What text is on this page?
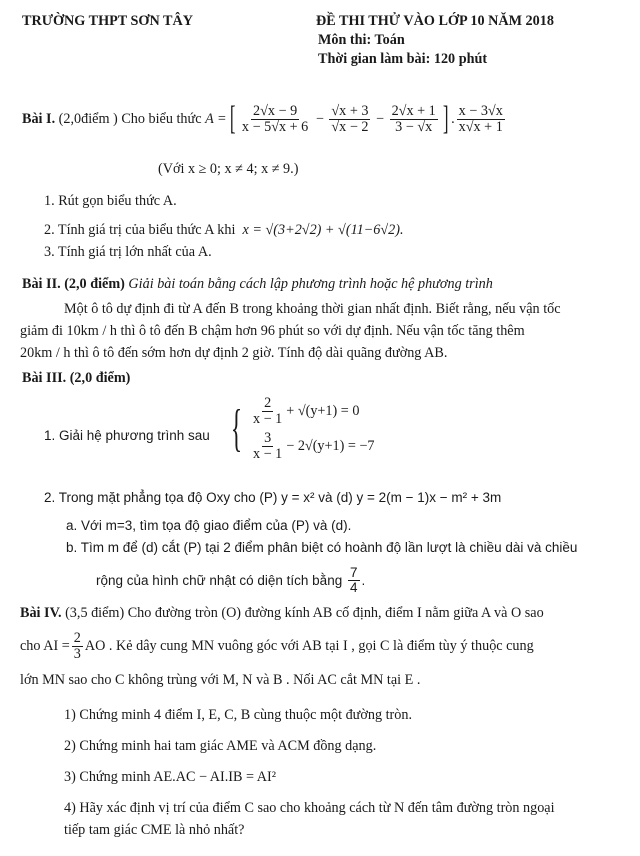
TRƯỜNG THPT SƠN TÂY	ĐỀ THI THỬ VÀO LỚP 10 NĂM 2018
Môn thi: Toán
Thời gian làm bài: 120 phút
Bài I.
(2,0điểm ) Cho biểu thức
A = [ $\frac{2√x - 9}{x - 5√x + 6} - \frac{√x + 3}{√x - 2} - \frac{2√x + 1}{3 - √x}$ ] . $\frac{x - 3√x}{x√x + 1}$
(Với x ≥ 0; x ≠ 4; x ≠ 9.)
1. Rút gọn biểu thức A.
2. Tính giá trị của biểu thức A khi x = √(3+2√2) + √(11−6√2).
3. Tính giá trị lớn nhất của A.
Bài II. (2,0 điểm) Giải bài toán bằng cách lập phương trình hoặc hệ phương trình
Một ô tô dự định đi từ A đến B trong khoảng thời gian nhất định. Biết rằng, nếu vận tốc
giảm đi 10km / h thì ô tô đến B chậm hơn 96 phút so với dự định. Nếu vận tốc tăng thêm
20km / h thì ô tô đến sớm hơn dự định 2 giờ. Tính độ dài quãng đường AB.
Bài III. (2,0 điểm)
1. Giải hệ phương trình sau { $\frac{2}{x - 1} + √(y+1) = 0$
$\frac{3}{x - 1} - 2√(y+1) = -7$
2. Trong mặt phẳng tọa độ Oxy cho (P) y = x² và (d) y = 2(m − 1)x − m² + 3m
a. Với m=3, tìm tọa độ giao điểm của (P) và (d).
b. Tìm m để (d) cắt (P) tại 2 điểm phân biệt có hoành độ lần lượt là chiều dài và chiều
rộng của hình chữ nhật có diện tích bằng
$\frac{7}{4}$ .
Bài IV. (3,5 điểm) Cho đường tròn (O) đường kính AB cố định, điểm I nằm giữa A và O sao
cho AI = $\frac{2}{3}$ AO . Kẻ dây cung MN vuông góc với AB tại I , gọi C là điểm tùy ý thuộc cung
lớn MN sao cho C không trùng với M, N và B . Nối AC cắt MN tại E .
1) Chứng minh 4 điểm I, E, C, B cùng thuộc một đường tròn.
2) Chứng minh hai tam giác AME và ACM đồng dạng.
3) Chứng minh AE.AC − AI.IB = AI²
4) Hãy xác định vị trí của điểm C sao cho khoảng cách từ N đến tâm đường tròn ngoại
tiếp tam giác CME là nhỏ nhất?
